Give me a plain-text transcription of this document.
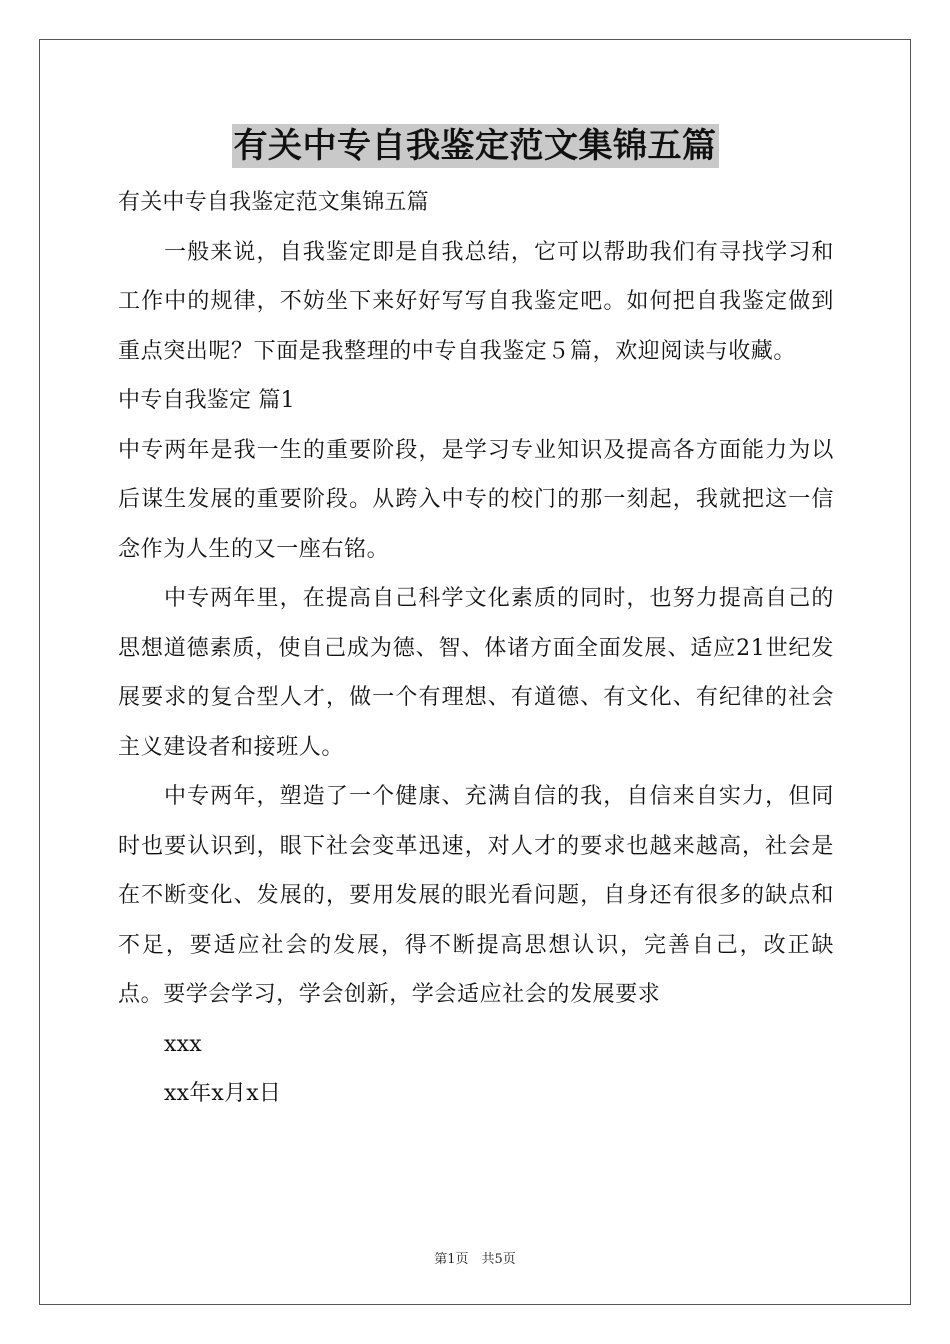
有关中专自我鉴定范文集锦五篇
有关中专自我鉴定范文集锦五篇
一般来说，自我鉴定即是自我总结，它可以帮助我们有寻找学习和工作中的规律，不妨坐下来好好写写自我鉴定吧。如何把自我鉴定做到重点突出呢？下面是我整理的中专自我鉴定５篇，欢迎阅读与收藏。
中专自我鉴定 篇1
中专两年是我一生的重要阶段，是学习专业知识及提高各方面能力为以后谋生发展的重要阶段。从跨入中专的校门的那一刻起，我就把这一信念作为人生的又一座右铭。
中专两年里，在提高自己科学文化素质的同时，也努力提高自己的思想道德素质，使自己成为德、智、体诸方面全面发展、适应21世纪发展要求的复合型人才，做一个有理想、有道德、有文化、有纪律的社会主义建设者和接班人。
中专两年，塑造了一个健康、充满自信的我，自信来自实力，但同时也要认识到，眼下社会变革迅速，对人才的要求也越来越高，社会是在不断变化、发展的，要用发展的眼光看问题，自身还有很多的缺点和不足，要适应社会的发展，得不断提高思想认识，完善自己，改正缺点。要学会学习，学会创新，学会适应社会的发展要求
xxx
xx年x月x日
第1页　共5页
